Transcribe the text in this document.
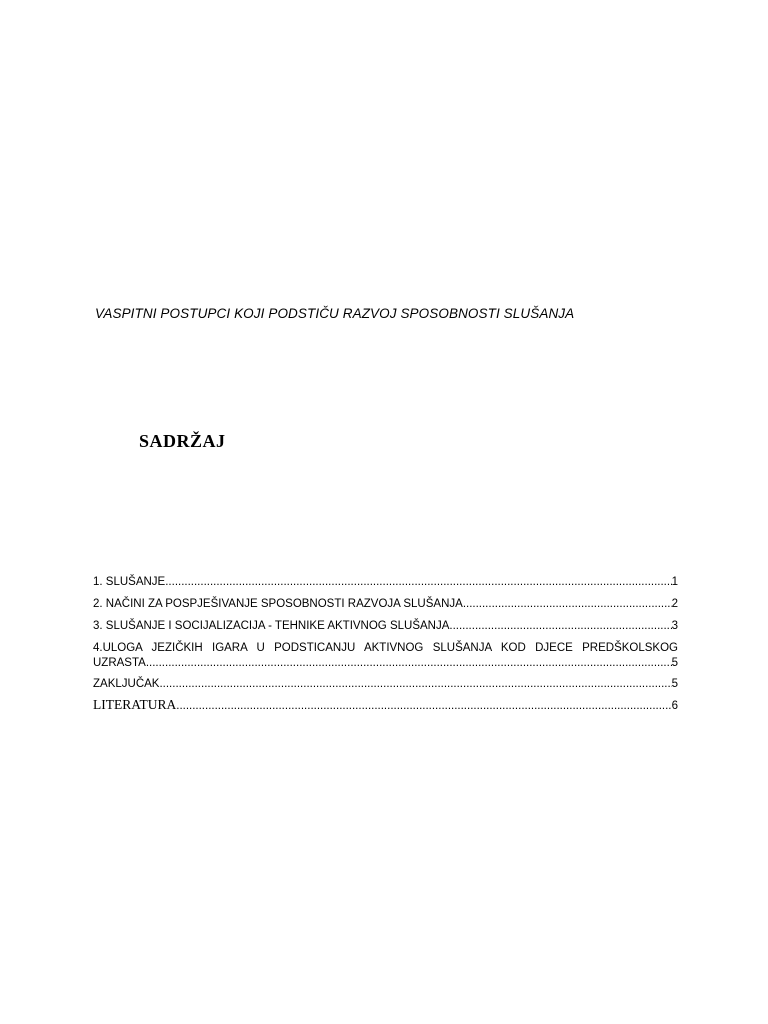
VASPITNI POSTUPCI KOJI PODSTIČU RAZVOJ SPOSOBNOSTI SLUŠANJA
SADRŽAJ
1. SLUŠANJE .....	1
2. NAČINI ZA POSPJEŠIVANJE SPOSOBNOSTI RAZVOJA SLUŠANJA .....	2
3. SLUŠANJE I SOCIJALIZACIJA - TEHNIKE AKTIVNOG SLUŠANJA .....	3
4.ULOGA JEZIČKIH IGARA U PODSTICANJU AKTIVNOG SLUŠANJA KOD DJECE PREDŠKOLSKOG
UZRASTA .....	5
ZAKLJUČAK .....	5
LITERATURA .....	6
